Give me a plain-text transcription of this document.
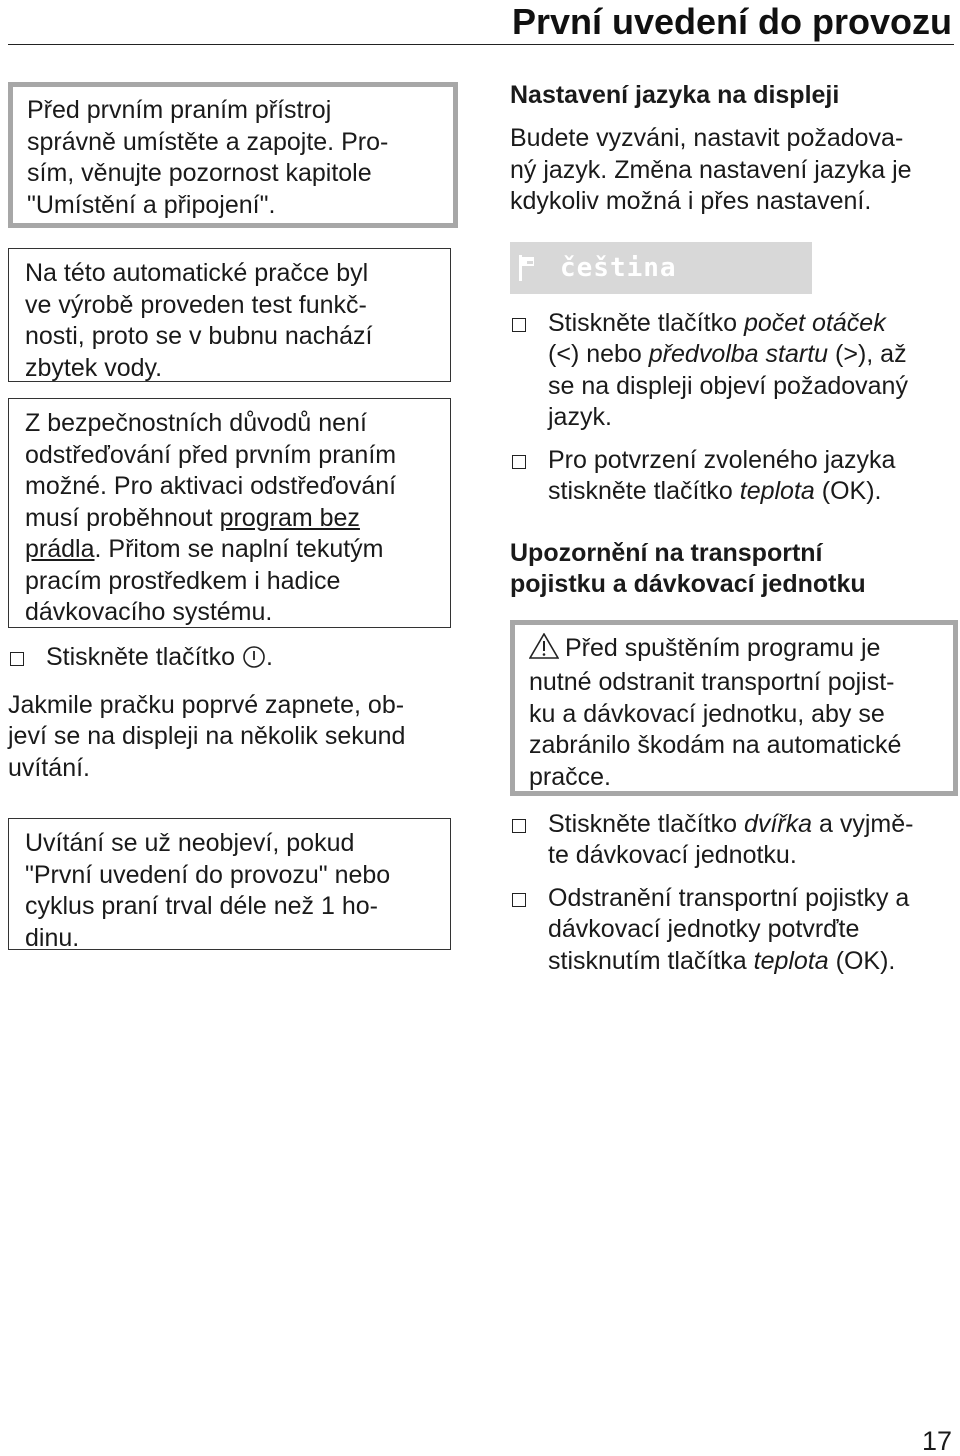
První uvedení do provozu
Před prvním praním přístroj
správně umístěte a zapojte. Pro-
sím, věnujte pozornost kapitole
"Umístění a připojení".
Na této automatické pračce byl
ve výrobě proveden test funkč-
nosti, proto se v bubnu nachází
zbytek vody.
Z bezpečnostních důvodů není
odstřeďování před prvním praním
možné. Pro aktivaci odstřeďování
musí proběhnout program bez
prádla. Přitom se naplní tekutým
pracím prostředkem i hadice
dávkovacího systému.
Stiskněte tlačítko .
Jakmile pračku poprvé zapnete, ob-
jeví se na displeji na několik sekund
uvítání.
Uvítání se už neobjeví, pokud
"První uvedení do provozu" nebo
cyklus praní trval déle než 1 ho-
dinu.
Nastavení jazyka na displeji
Budete vyzváni, nastavit požadova-
ný jazyk. Změna nastavení jazyka je
kdykoliv možná i přes nastavení.
čeština
Stiskněte tlačítko počet otáček
(<) nebo předvolba startu (>), až
se na displeji objeví požadovaný
jazyk.
Pro potvrzení zvoleného jazyka
stiskněte tlačítko teplota (OK).
Upozornění na transportní
pojistku a dávkovací jednotku
Před spuštěním programu je
nutné odstranit transportní pojist-
ku a dávkovací jednotku, aby se
zabránilo škodám na automatické
pračce.
Stiskněte tlačítko dvířka a vyjmě-
te dávkovací jednotku.
Odstranění transportní pojistky a
dávkovací jednotky potvrďte
stisknutím tlačítka teplota (OK).
17
